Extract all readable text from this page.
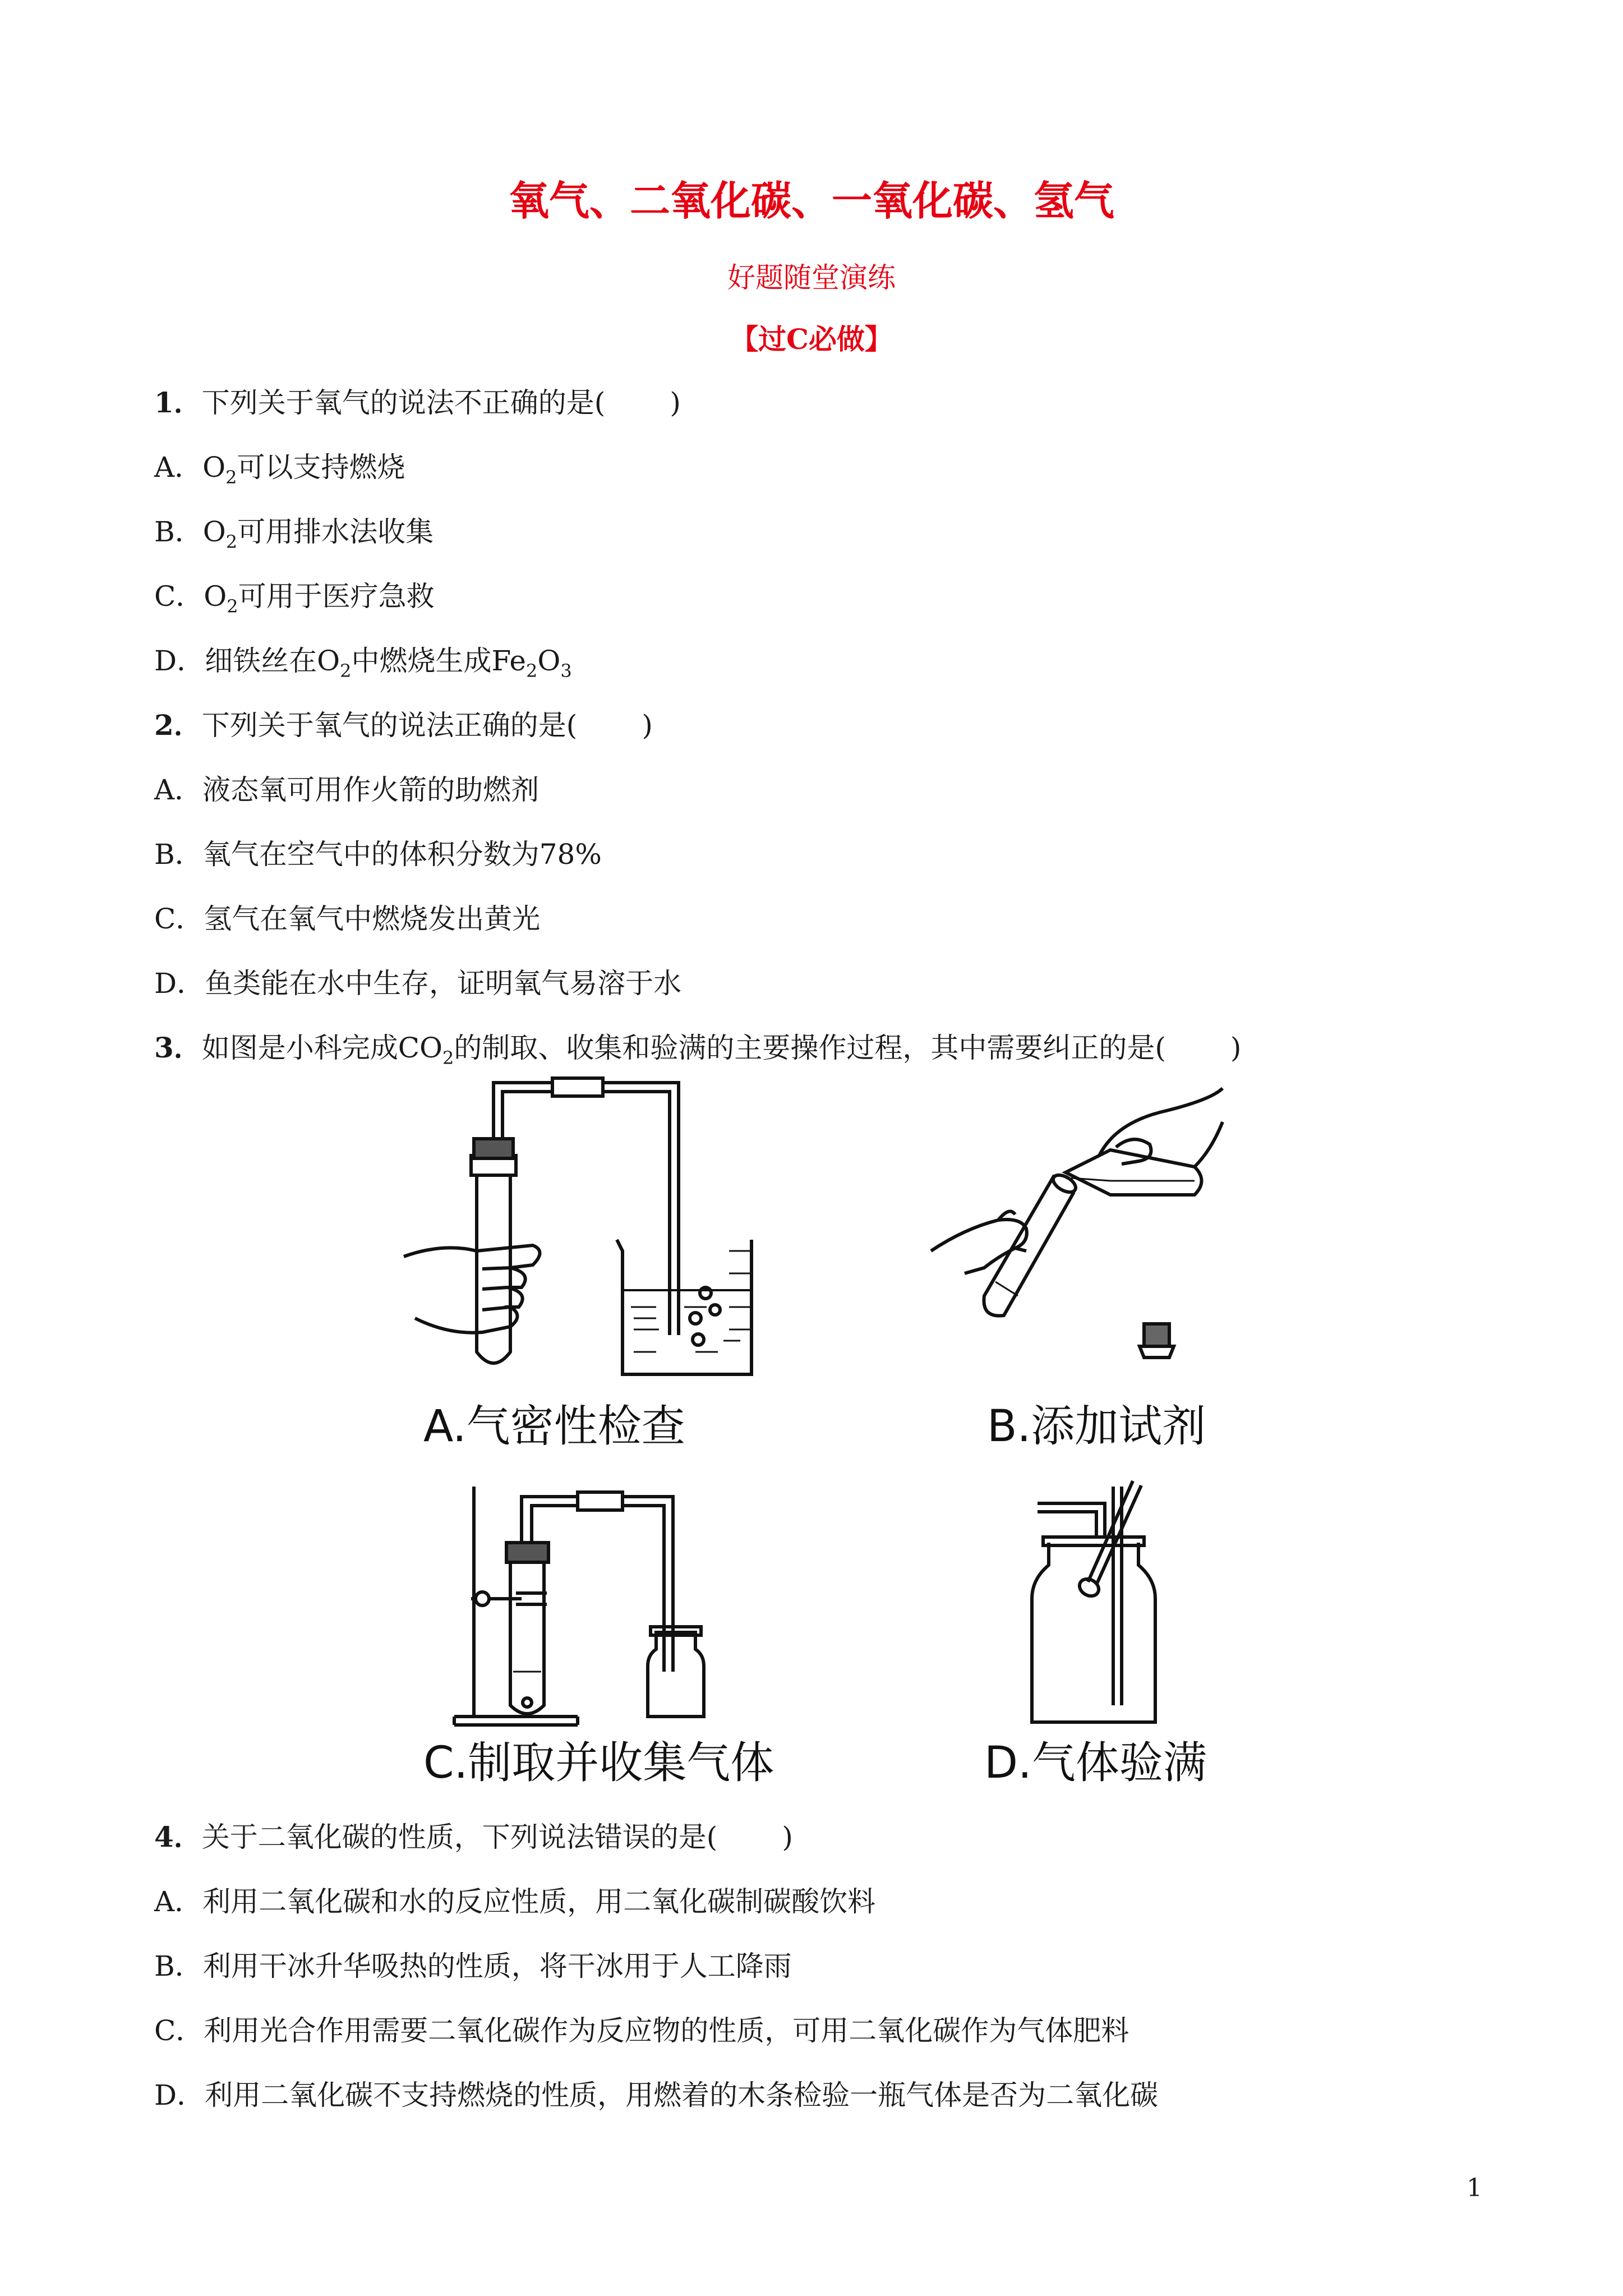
氧气、二氧化碳、一氧化碳、氢气
好题随堂演练
【过C必做】
1．下列关于氧气的说法不正确的是( )
A．$O_2$可以支持燃烧
B．$O_2$可用排水法收集
C．$O_2$可用于医疗急救
D．细铁丝在$O_2$中燃烧生成$Fe_2O_3$
2．下列关于氧气的说法正确的是( )
A．液态氧可用作火箭的助燃剂
B．氧气在空气中的体积分数为78%
C．氢气在氧气中燃烧发出黄光
D．鱼类能在水中生存，证明氧气易溶于水
3．如图是小科完成$CO_2$的制取、收集和验满的主要操作过程，其中需要纠正的是( )
A.气密性检查	B.添加试剂
C.制取并收集气体	D.气体验满
4．关于二氧化碳的性质，下列说法错误的是( )
A．利用二氧化碳和水的反应性质，用二氧化碳制碳酸饮料
B．利用干冰升华吸热的性质，将干冰用于人工降雨
C．利用光合作用需要二氧化碳作为反应物的性质，可用二氧化碳作为气体肥料
D．利用二氧化碳不支持燃烧的性质，用燃着的木条检验一瓶气体是否为二氧化碳
1
